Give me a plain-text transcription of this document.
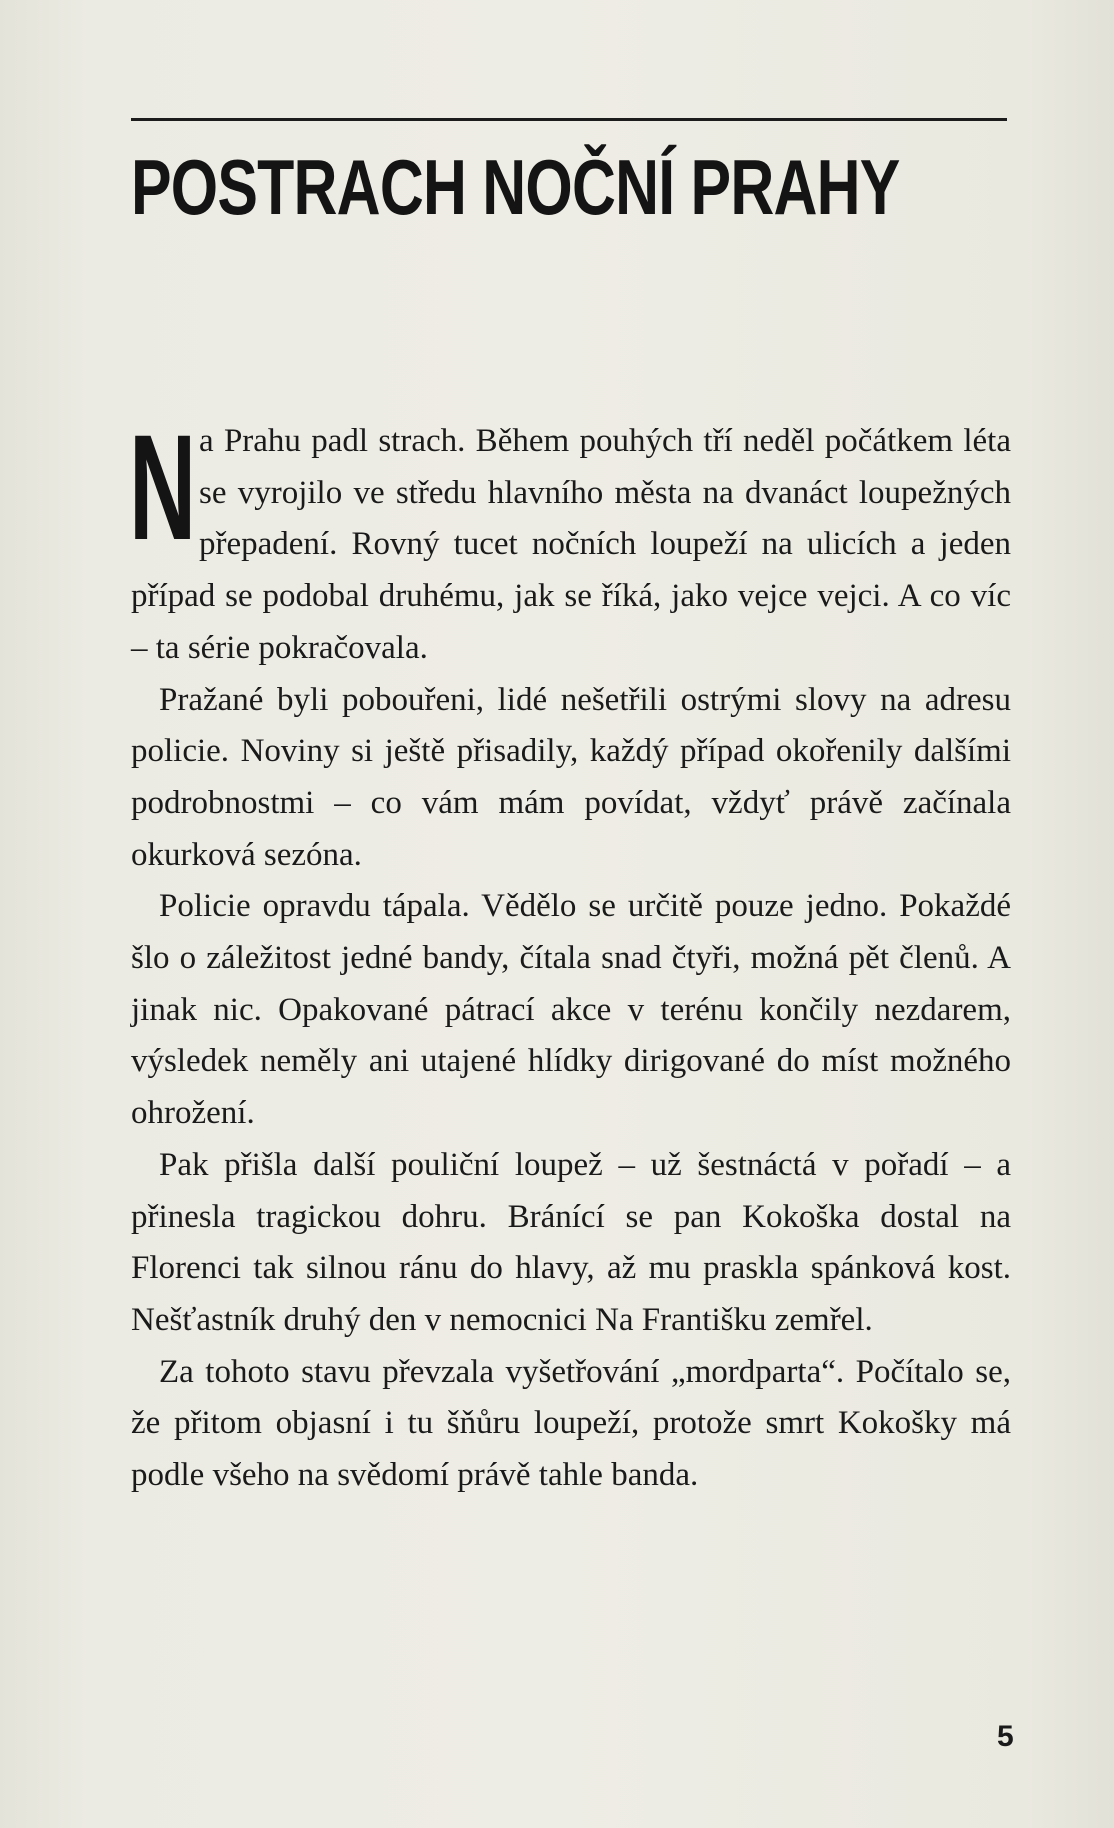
POSTRACH NOČNÍ PRAHY

Na Prahu padl strach. Během pouhých tří neděl počátkem léta se vyrojilo ve středu hlavního města na dvanáct loupežných přepadení. Rovný tucet nočních loupeží na ulicích a jeden případ se podobal druhému, jak se říká, jako vejce vejci. A co víc – ta série pokračovala.

Pražané byli pobouřeni, lidé nešetřili ostrými slovy na adresu policie. Noviny si ještě přisadily, každý případ okořenily dalšími podrobnostmi – co vám mám povídat, vždyť právě začínala okurková sezóna.

Policie opravdu tápala. Vědělo se určitě pouze jedno. Pokaždé šlo o záležitost jedné bandy, čítala snad čtyři, možná pět členů. A jinak nic. Opakované pátrací akce v terénu končily nezdarem, výsledek neměly ani utajené hlídky dirigované do míst možného ohrožení.

Pak přišla další pouliční loupež – už šestnáctá v pořadí – a přinesla tragickou dohru. Bránící se pan Kokoška dostal na Florenci tak silnou ránu do hlavy, až mu praskla spánková kost. Nešťastník druhý den v nemocnici Na Františku zemřel.

Za tohoto stavu převzala vyšetřování „mordparta“. Počítalo se, že přitom objasní i tu šňůru loupeží, protože smrt Kokošky má podle všeho na svědomí právě tahle banda.

5
